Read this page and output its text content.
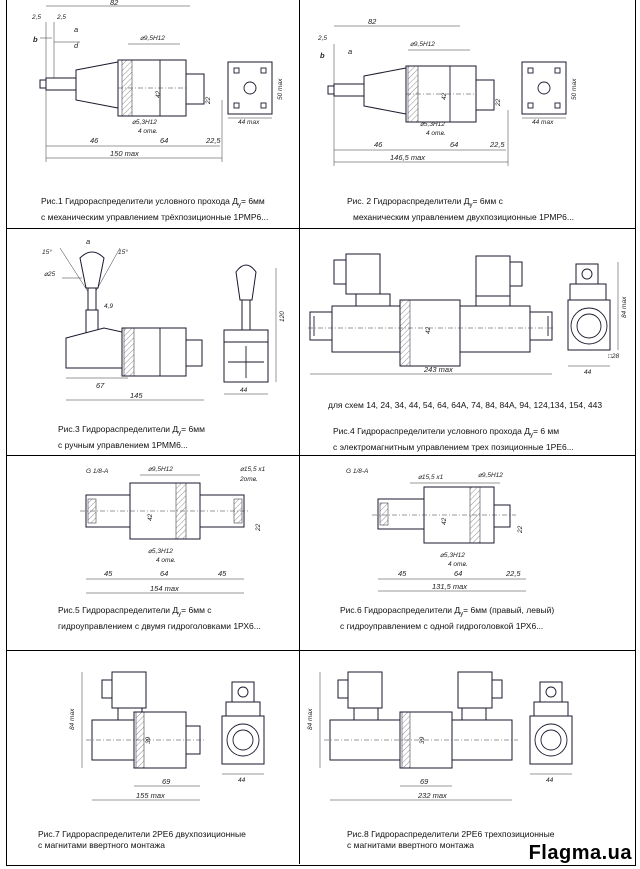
82
2,5 2,5
b
a
d
⌀9,5H12
42
22
⌀5,3H12
4 отв.
46	64	22,5
150 max
44 max
50 max
Рис.1 Гидрораспределители условного прохода $Д_у= 6мм$
с механическим управлением трёхпозиционные 1РМР6...
82
2,5
b	a
⌀9,5H12
42
22
⌀5,3H12
4 отв.
46	64	22,5
146,5 max
44 max
50 max
Рис. 2 Гидрораспределители $Д_у= 6мм$ с
механическим управлением двухпозиционные 1РМР6...
15°
a
15°
⌀25
4,9
67
145
120
44
Рис.3 Гидрораспределители $Д_у= 6мм$
с ручным управлением 1РММ6...
42
243 max
84 max
44
□28
для схем 14, 24, 34, 44, 54, 64, 64А, 74, 84, 84А, 94, 124,134, 154, 443
Рис.4 Гидрораспределители условного прохода $Д_у= 6$ мм
с электромагнитным управлением трех позиционные 1РЕ6...
G 1/8-A	⌀9,5H12	⌀15,5 х1
2отв.
42
22
⌀5,3H12
4 отв.
45	64	45
154 max
Рис.5 Гидрораспределители $Д_у= 6мм$ с
гидроуправлением с двумя гидроголовками 1РХ6...
G 1/8-A
⌀15,5 х1	⌀9,5H12
42
22
⌀5,3H12
4 отв.
45	64	22,5
131,5 max
Рис.6 Гидрораспределители $Д_у= 6мм$ (правый, левый)
с гидроуправлением с одной гидроголовкой 1РХ6...
39
84 max
69
155 max
44
Рис.7 Гидрораспределители 2РЕ6 двухпозиционные
с магнитами ввертного монтажа
39
84 max
69
232 max
44
Рис.8 Гидрораспределители 2РЕ6 трехпозиционные
с магнитами ввертного монтажа	Flagma.ua
